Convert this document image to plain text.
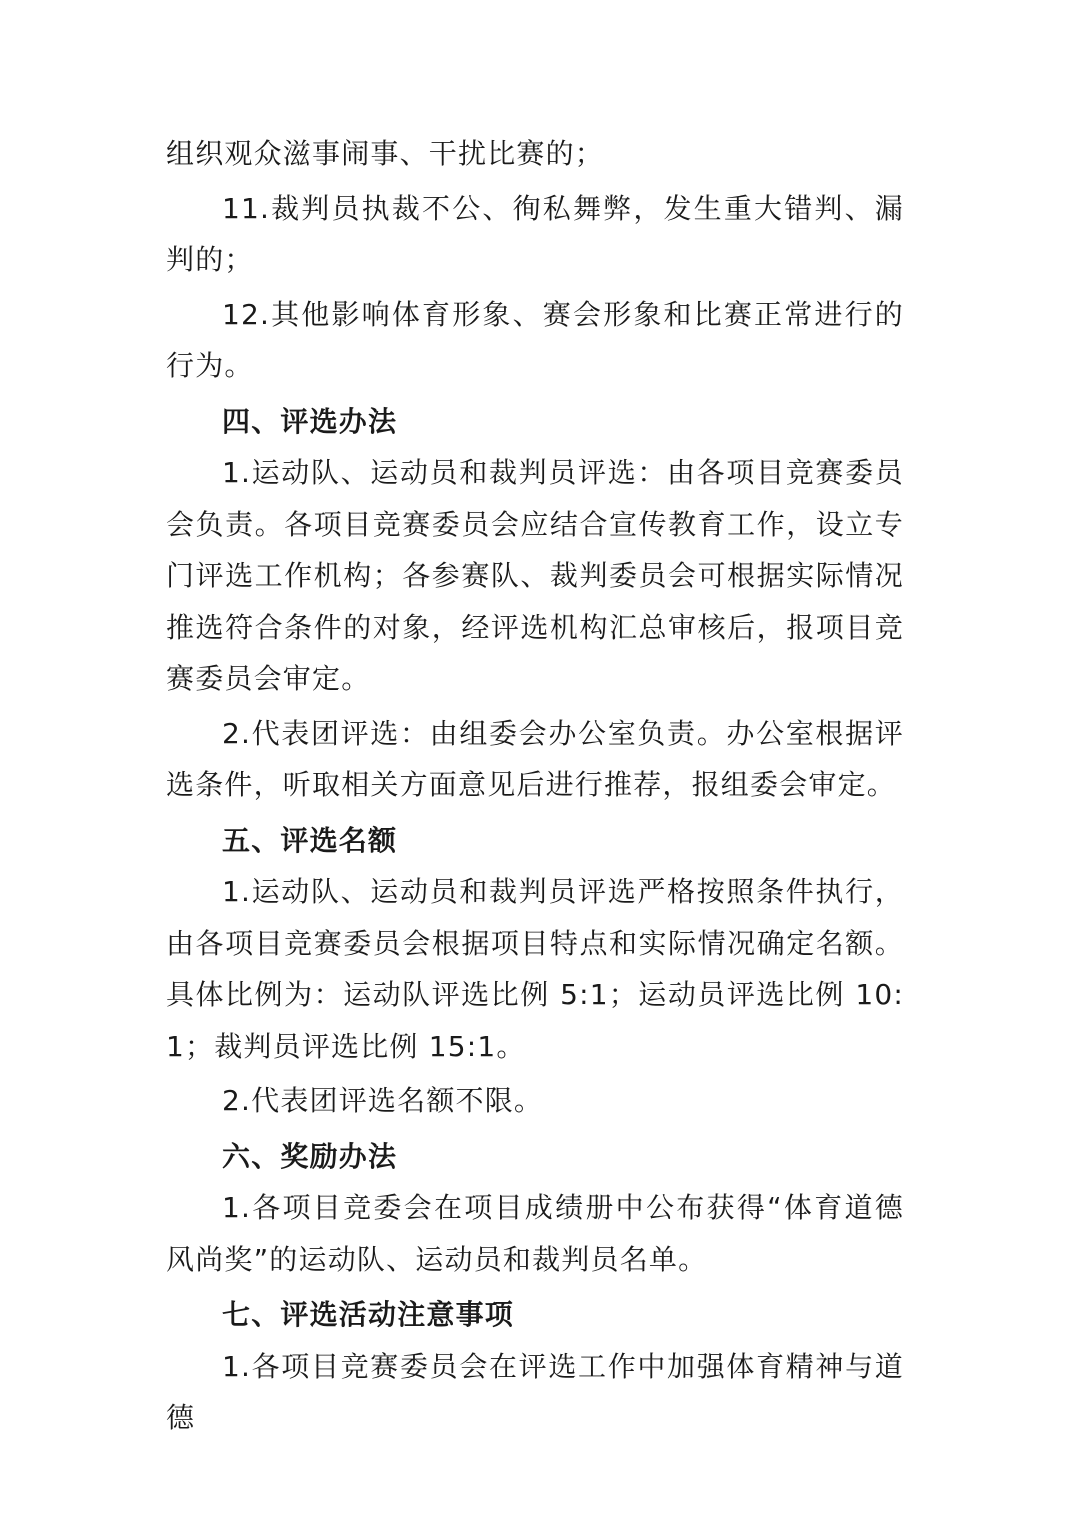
组织观众滋事闹事、干扰比赛的；

11.裁判员执裁不公、徇私舞弊，发生重大错判、漏判的；

12.其他影响体育形象、赛会形象和比赛正常进行的行为。

四、评选办法

1.运动队、运动员和裁判员评选：由各项目竞赛委员会负责。各项目竞赛委员会应结合宣传教育工作，设立专门评选工作机构；各参赛队、裁判委员会可根据实际情况推选符合条件的对象，经评选机构汇总审核后，报项目竞赛委员会审定。

2.代表团评选：由组委会办公室负责。办公室根据评选条件，听取相关方面意见后进行推荐，报组委会审定。

五、评选名额

1.运动队、运动员和裁判员评选严格按照条件执行，由各项目竞赛委员会根据项目特点和实际情况确定名额。具体比例为：运动队评选比例 5:1；运动员评选比例 10:1；裁判员评选比例 15:1。

2.代表团评选名额不限。

六、奖励办法

1.各项目竞委会在项目成绩册中公布获得“体育道德风尚奖”的运动队、运动员和裁判员名单。

七、评选活动注意事项

1.各项目竞赛委员会在评选工作中加强体育精神与道德
